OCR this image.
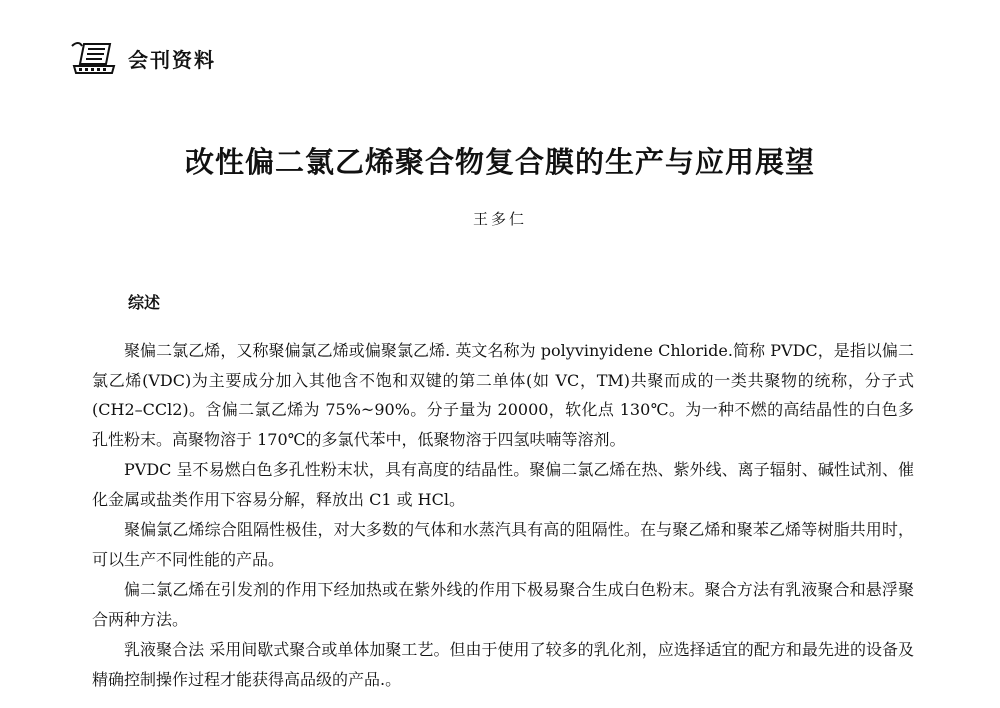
会刊资料
改性偏二氯乙烯聚合物复合膜的生产与应用展望
王多仁
综述

聚偏二氯乙烯，又称聚偏氯乙烯或偏聚氯乙烯. 英文名称为 polyvinyidene Chloride.简称 PVDC，是指以偏二氯乙烯(VDC)为主要成分加入其他含不饱和双键的第二单体(如 VC，TM)共聚而成的一类共聚物的统称，分子式(CH2–CCl2)。含偏二氯乙烯为 75%~90%。分子量为 20000，软化点 130℃。为一种不燃的高结晶性的白色多孔性粉末。高聚物溶于 170℃的多氯代苯中，低聚物溶于四氢呋喃等溶剂。

PVDC 呈不易燃白色多孔性粉末状，具有高度的结晶性。聚偏二氯乙烯在热、紫外线、离子辐射、碱性试剂、催化金属或盐类作用下容易分解，释放出 C1 或 HCl。

聚偏氯乙烯综合阻隔性极佳，对大多数的气体和水蒸汽具有高的阻隔性。在与聚乙烯和聚苯乙烯等树脂共用时，可以生产不同性能的产品。

偏二氯乙烯在引发剂的作用下经加热或在紫外线的作用下极易聚合生成白色粉末。聚合方法有乳液聚合和悬浮聚合两种方法。

乳液聚合法 采用间歇式聚合或单体加聚工艺。但由于使用了较多的乳化剂，应选择适宜的配方和最先进的设备及精确控制操作过程才能获得高品级的产品.。
